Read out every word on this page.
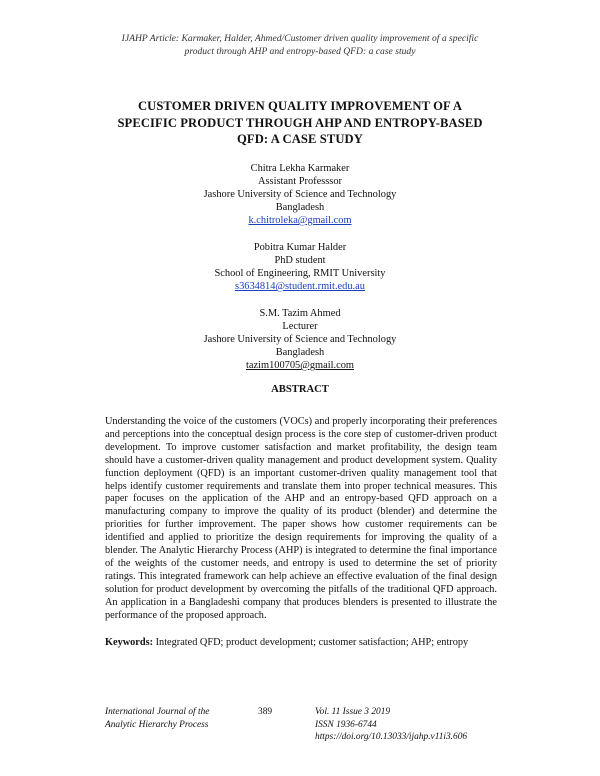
IJAHP Article: Karmaker, Halder, Ahmed/Customer driven quality improvement of a specific
product through AHP and entropy-based QFD: a case study
CUSTOMER DRIVEN QUALITY IMPROVEMENT OF A
SPECIFIC PRODUCT THROUGH AHP AND ENTROPY-BASED
QFD: A CASE STUDY
Chitra Lekha Karmaker
Assistant Professsor
Jashore University of Science and Technology
Bangladesh
k.chitroleka@gmail.com
Pobitra Kumar Halder
PhD student
School of Engineering, RMIT University
s3634814@student.rmit.edu.au
S.M. Tazim Ahmed
Lecturer
Jashore University of Science and Technology
Bangladesh
tazim100705@gmail.com
ABSTRACT
Understanding the voice of the customers (VOCs) and properly incorporating their preferences and perceptions into the conceptual design process is the core step of customer-driven product development. To improve customer satisfaction and market profitability, the design team should have a customer-driven quality management and product development system. Quality function deployment (QFD) is an important customer-driven quality management tool that helps identify customer requirements and translate them into proper technical measures. This paper focuses on the application of the AHP and an entropy-based QFD approach on a manufacturing company to improve the quality of its product (blender) and determine the priorities for further improvement. The paper shows how customer requirements can be identified and applied to prioritize the design requirements for improving the quality of a blender. The Analytic Hierarchy Process (AHP) is integrated to determine the final importance of the weights of the customer needs, and entropy is used to determine the set of priority ratings. This integrated framework can help achieve an effective evaluation of the final design solution for product development by overcoming the pitfalls of the traditional QFD approach. An application in a Bangladeshi company that produces blenders is presented to illustrate the performance of the proposed approach.
Keywords: Integrated QFD; product development; customer satisfaction; AHP; entropy
International Journal of the
Analytic Hierarchy Process
389	Vol. 11 Issue 3 2019
ISSN 1936-6744
https://doi.org/10.13033/ijahp.v11i3.606
